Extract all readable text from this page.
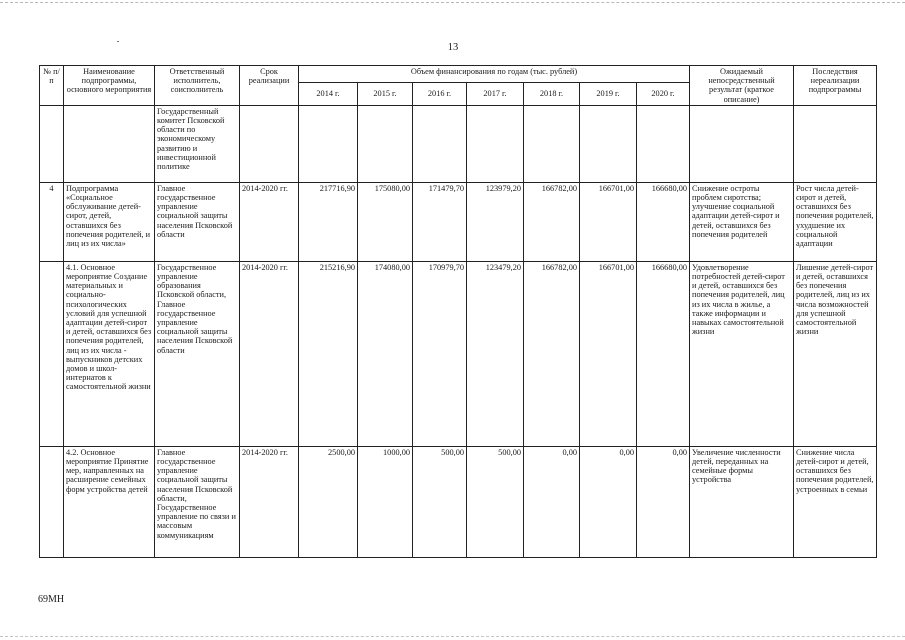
13
№ п/п	Наименование подпрограммы, основного мероприятия	Ответственный исполнитель, соисполнитель	Срок реализации	Объем финансирования по годам (тыс. рублей)							Ожидаемый непосредственный результат (краткое описание)	Последствия нереализации подпрограммы
				2014 г.	2015 г.	2016 г.	2017 г.	2018 г.	2019 г.	2020 г.		
		Государственный комитет Псковской области по экономическому развитию и инвестиционной политике										
4	Подпрограмма «Социальное обслуживание детей-сирот, детей, оставшихся без попечения родителей, и лиц из их числа»	Главное государственное управление социальной защиты населения Псковской области	2014-2020 гг.	217716,90	175080,00	171479,70	123979,20	166782,00	166701,00	166680,00	Снижение остроты проблем сиротства; улучшение социальной адаптации детей-сирот и детей, оставшихся без попечения родителей	Рост числа детей-сирот и детей, оставшихся без попечения родителей, ухудшение их социальной адаптации
	4.1. Основное мероприятие Создание материальных и социально-психологических условий для успешной адаптации детей-сирот и детей, оставшихся без попечения родителей, лиц из их числа - выпускников детских домов и школ-интернатов к самостоятельной жизни	Государственное управление образования Псковской области, Главное государственное управление социальной защиты населения Псковской области	2014-2020 гг.	215216,90	174080,00	170979,70	123479,20	166782,00	166701,00	166680,00	Удовлетворение потребностей детей-сирот и детей, оставшихся без попечения родителей, лиц из их числа в жилье, а также информации и навыках самостоятельной жизни	Лишение детей-сирот и детей, оставшихся без попечения родителей, лиц из их числа возможностей для успешной самостоятельной жизни
	4.2. Основное мероприятие Принятие мер, направленных на расширение семейных форм устройства детей	Главное государственное управление социальной защиты населения Псковской области, Государственное управление по связи и массовым коммуникациям	2014-2020 гг.	2500,00	1000,00	500,00	500,00	0,00	0,00	0,00	Увеличение численности детей, переданных на семейные формы устройства	Снижение числа детей-сирот и детей, оставшихся без попечения родителей, устроенных в семьи
69МН
